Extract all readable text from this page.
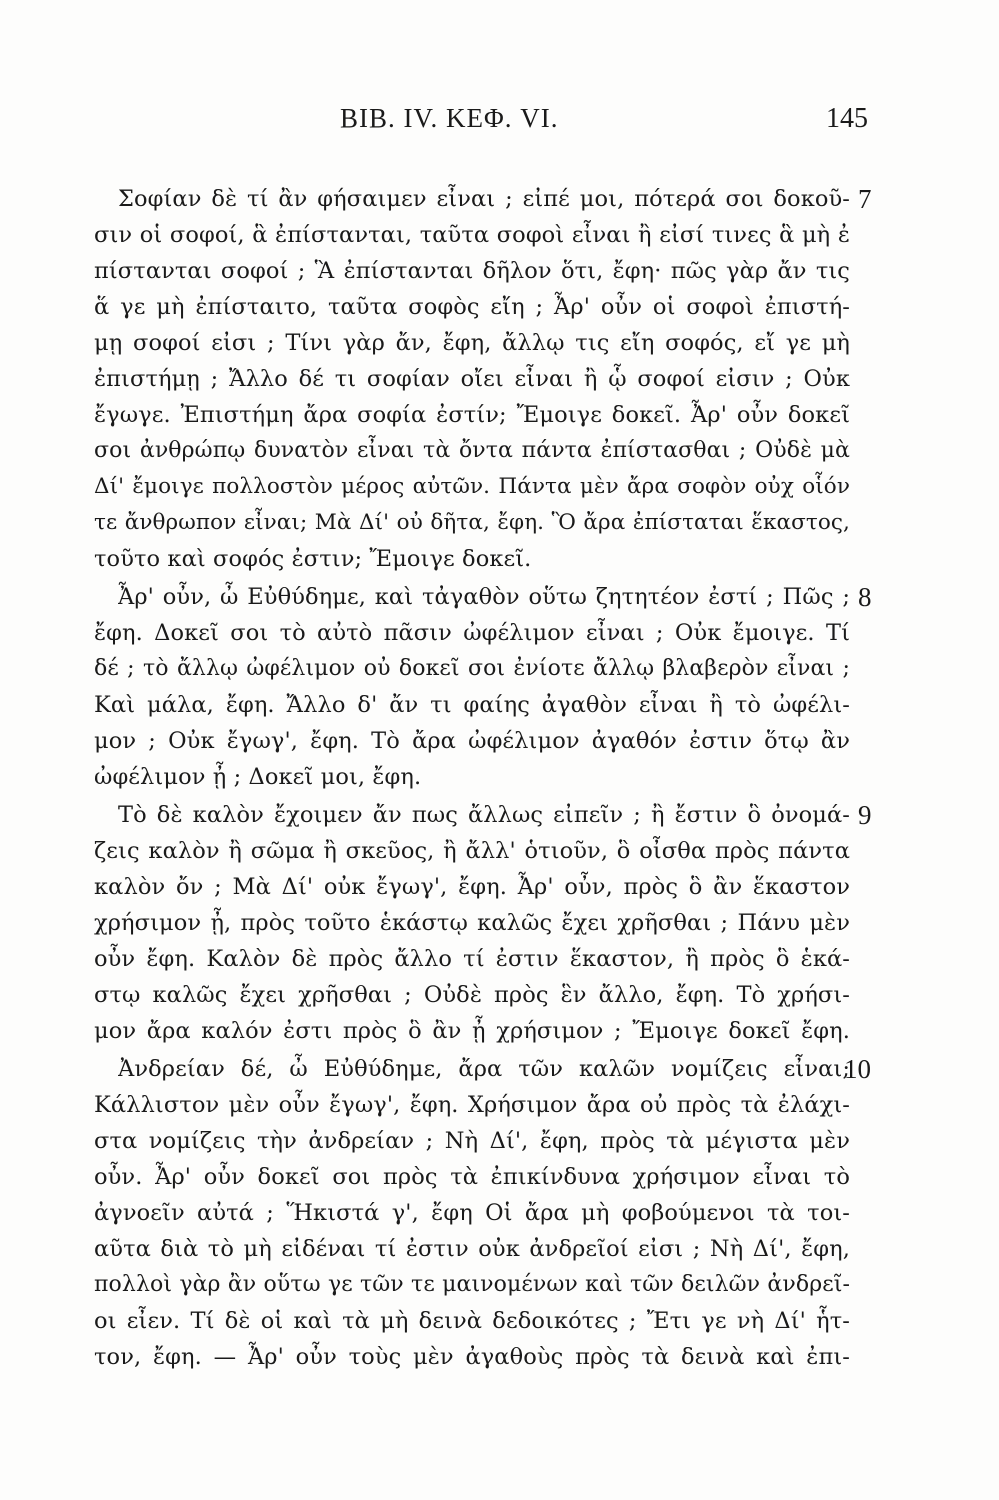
ΒΙΒ. IV. ΚΕΦ. VI.	145
Σοφίαν δὲ τί ἂν φήσαιμεν εἶναι ; εἰπέ μοι, πότερά σοι δοκοῦ-
σιν οἱ σοφοί, ἃ ἐπίστανται, ταῦτα σοφοὶ εἶναι ἢ εἰσί τινες ἃ μὴ ἐ
πίστανται σοφοί ; Ἃ ἐπίστανται δῆλον ὅτι, ἔφη· πῶς γὰρ ἄν τις
ἅ γε μὴ ἐπίσταιτο, ταῦτα σοφὸς εἴη ; Ἆρ' οὖν οἱ σοφοὶ ἐπιστή-
μῃ σοφοί εἰσι ; Τίνι γὰρ ἄν, ἔφη, ἄλλῳ τις εἴη σοφός, εἴ γε μὴ
ἐπιστήμῃ ; Ἄλλο δέ τι σοφίαν οἴει εἶναι ἢ ᾧ σοφοί εἰσιν ; Οὐκ
ἔγωγε. Ἐπιστήμη ἄρα σοφία ἐστίν; Ἔμοιγε δοκεῖ. Ἆρ' οὖν δοκεῖ
σοι ἀνθρώπῳ δυνατὸν εἶναι τὰ ὄντα πάντα ἐπίστασθαι ; Οὐδὲ μὰ
Δί' ἔμοιγε πολλοστὸν μέρος αὐτῶν. Πάντα μὲν ἄρα σοφὸν οὐχ οἷόν
τε ἄνθρωπον εἶναι; Μὰ Δί' οὐ δῆτα, ἔφη. Ὃ ἄρα ἐπίσταται ἕκαστος,
τοῦτο καὶ σοφός ἐστιν; Ἔμοιγε δοκεῖ.
Ἆρ' οὖν, ὦ Εὐθύδημε, καὶ τἀγαθὸν οὕτω ζητητέον ἐστί ; Πῶς ;
ἔφη. Δοκεῖ σοι τὸ αὐτὸ πᾶσιν ὠφέλιμον εἶναι ; Οὐκ ἔμοιγε. Τί
δέ ; τὸ ἄλλῳ ὠφέλιμον οὐ δοκεῖ σοι ἐνίοτε ἄλλῳ βλαβερὸν εἶναι ;
Καὶ μάλα, ἔφη. Ἄλλο δ' ἄν τι φαίης ἀγαθὸν εἶναι ἢ τὸ ὠφέλι-
μον ; Οὐκ ἔγωγ', ἔφη. Τὸ ἄρα ὠφέλιμον ἀγαθόν ἐστιν ὅτῳ ἂν
ὠφέλιμον ᾖ ; Δοκεῖ μοι, ἔφη.
Τὸ δὲ καλὸν ἔχοιμεν ἄν πως ἄλλως εἰπεῖν ; ἢ ἔστιν ὃ ὀνομά-
ζεις καλὸν ἢ σῶμα ἢ σκεῦος, ἢ ἄλλ' ὁτιοῦν, ὃ οἶσθα πρὸς πάντα
καλὸν ὄν ; Μὰ Δί' οὐκ ἔγωγ', ἔφη. Ἆρ' οὖν, πρὸς ὃ ἂν ἕκαστον
χρήσιμον ᾖ, πρὸς τοῦτο ἑκάστῳ καλῶς ἔχει χρῆσθαι ; Πάνυ μὲν
οὖν ἔφη. Καλὸν δὲ πρὸς ἄλλο τί ἐστιν ἕκαστον, ἢ πρὸς ὃ ἑκά-
στῳ καλῶς ἔχει χρῆσθαι ; Οὐδὲ πρὸς ἓν ἄλλο, ἔφη. Τὸ χρήσι-
μον ἄρα καλόν ἐστι πρὸς ὃ ἂν ᾖ χρήσιμον ; Ἔμοιγε δοκεῖ ἔφη.
Ἀνδρείαν δέ, ὦ Εὐθύδημε, ἄρα τῶν καλῶν νομίζεις εἶναι;
Κάλλιστον μὲν οὖν ἔγωγ', ἔφη. Χρήσιμον ἄρα οὐ πρὸς τὰ ἐλάχι-
στα νομίζεις τὴν ἀνδρείαν ; Νὴ Δί', ἔφη, πρὸς τὰ μέγιστα μὲν
οὖν. Ἆρ' οὖν δοκεῖ σοι πρὸς τὰ ἐπικίνδυνα χρήσιμον εἶναι τὸ
ἀγνοεῖν αὐτά ; Ἥκιστά γ', ἔφη Οἱ ἄρα μὴ φοβούμενοι τὰ τοι-
αῦτα διὰ τὸ μὴ εἰδέναι τί ἐστιν οὐκ ἀνδρεῖοί εἰσι ; Νὴ Δί', ἔφη,
πολλοὶ γὰρ ἂν οὕτω γε τῶν τε μαινομένων καὶ τῶν δειλῶν ἀνδρεῖ-
οι εἶεν. Τί δὲ οἱ καὶ τὰ μὴ δεινὰ δεδοικότες ; Ἔτι γε νὴ Δί' ἧτ-
τον, ἔφη. — Ἆρ' οὖν τοὺς μὲν ἀγαθοὺς πρὸς τὰ δεινὰ καὶ ἐπι-
7
8
9
10
